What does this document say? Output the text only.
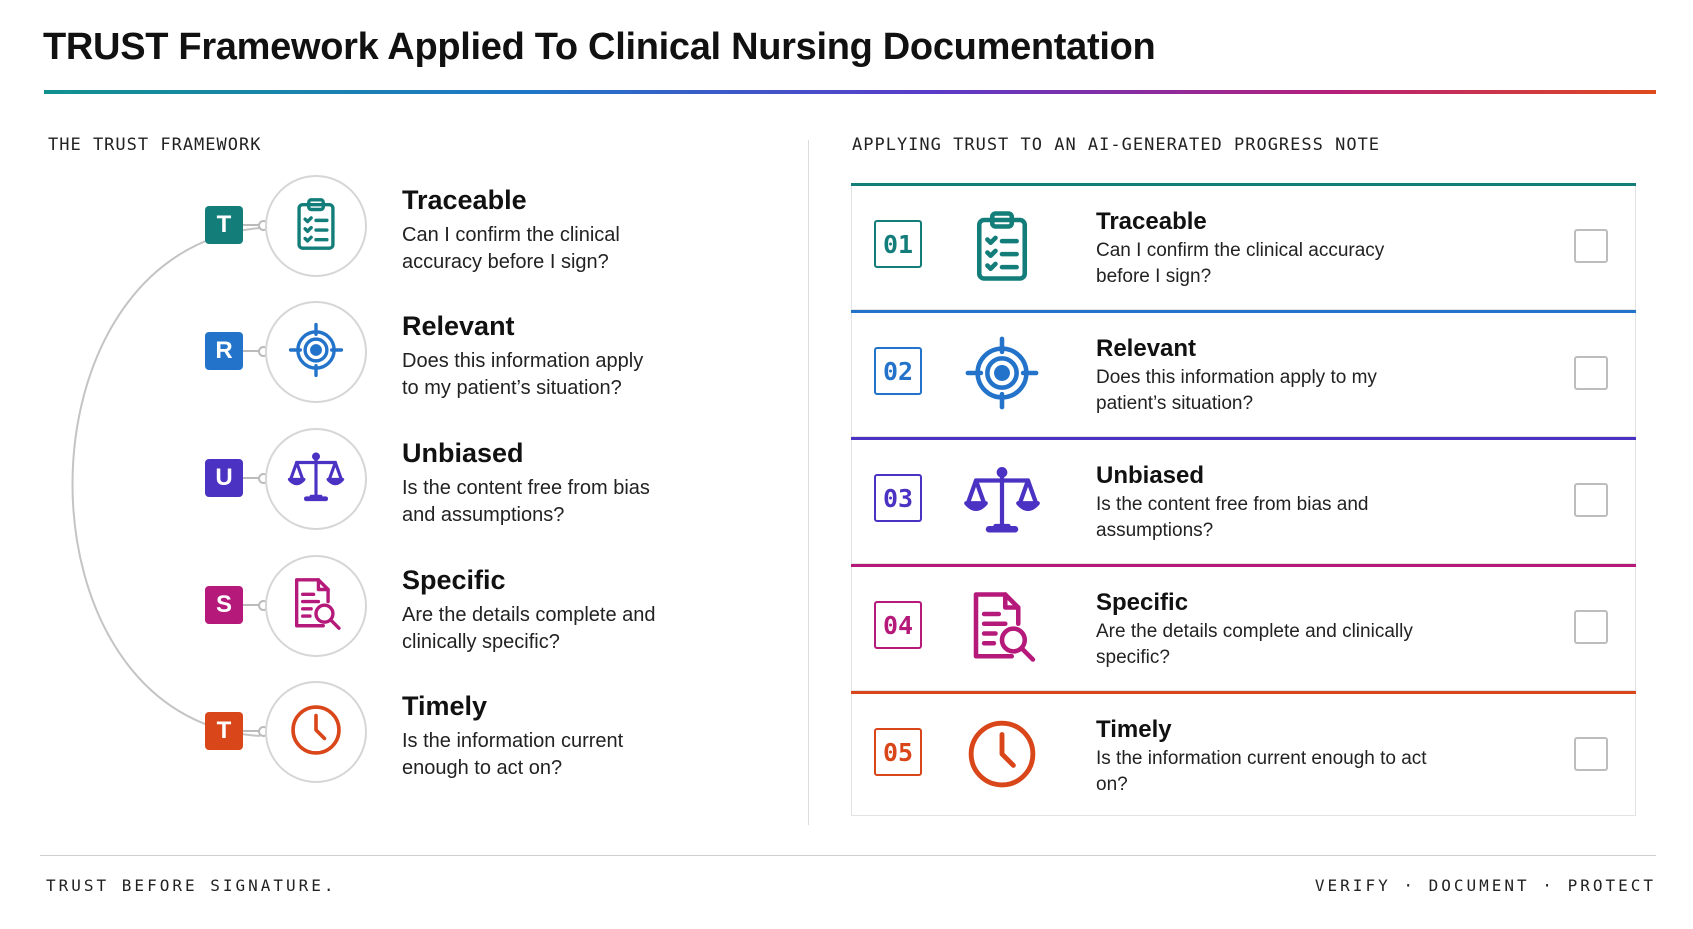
TRUST Framework Applied To Clinical Nursing Documentation
THE TRUST FRAMEWORK	APPLYING TRUST TO AN AI-GENERATED PROGRESS NOTE
T
Traceable
Can I confirm the clinical accuracy before I sign?
R
Relevant
Does this information apply to my patient’s situation?
U
Unbiased
Is the content free from bias and assumptions?
S
Specific
Are the details complete and clinically specific?
T
Timely
Is the information current enough to act on?
01
Traceable
Can I confirm the clinical accuracy before I sign?
02
Relevant
Does this information apply to my patient’s situation?
03
Unbiased
Is the content free from bias and assumptions?
04
Specific
Are the details complete and clinically specific?
05
Timely
Is the information current enough to act on?
TRUST BEFORE SIGNATURE.	VERIFY · DOCUMENT · PROTECT
